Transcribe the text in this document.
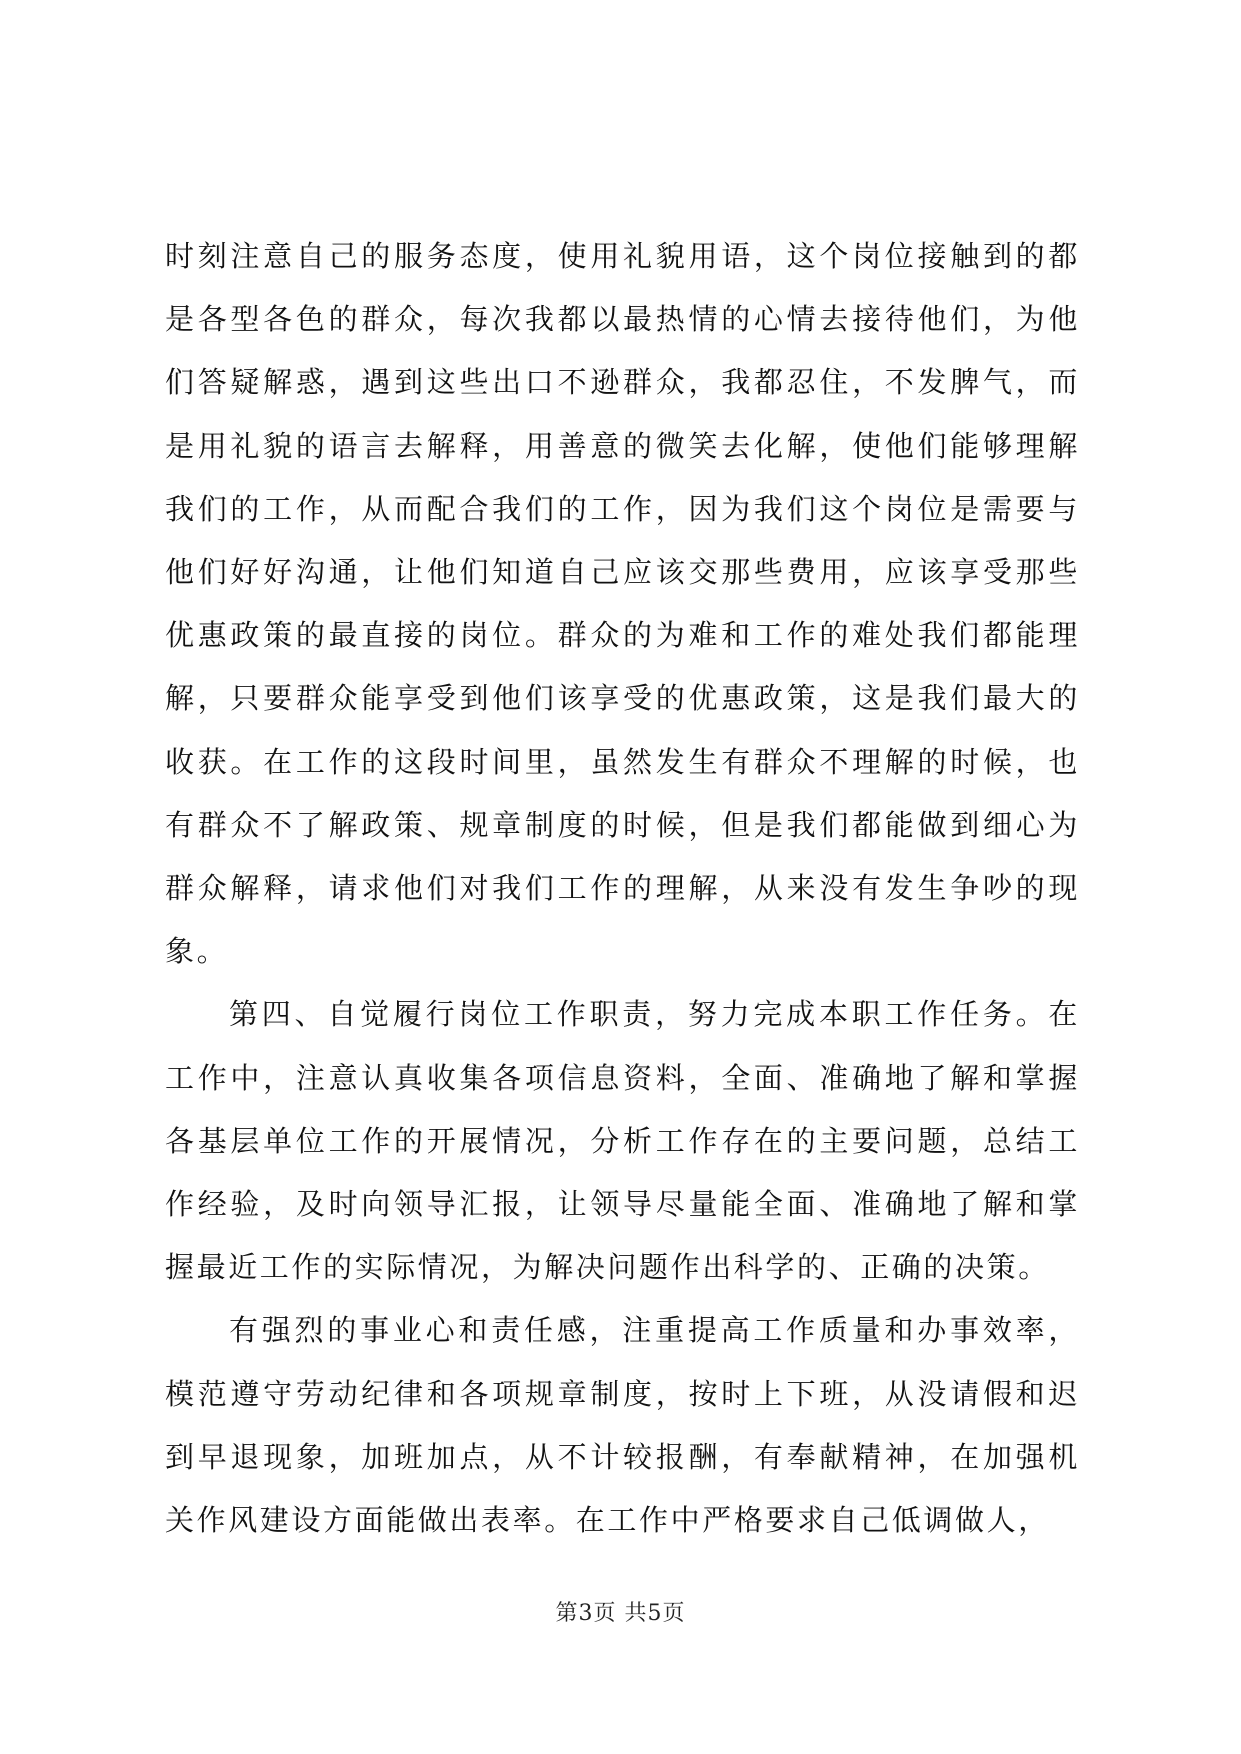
时刻注意自己的服务态度，使用礼貌用语，这个岗位接触到的都是各型各色的群众，每次我都以最热情的心情去接待他们，为他们答疑解惑，遇到这些出口不逊群众，我都忍住，不发脾气，而是用礼貌的语言去解释，用善意的微笑去化解，使他们能够理解我们的工作，从而配合我们的工作，因为我们这个岗位是需要与他们好好沟通，让他们知道自己应该交那些费用，应该享受那些优惠政策的最直接的岗位。群众的为难和工作的难处我们都能理解，只要群众能享受到他们该享受的优惠政策，这是我们最大的收获。在工作的这段时间里，虽然发生有群众不理解的时候，也有群众不了解政策、规章制度的时候，但是我们都能做到细心为群众解释，请求他们对我们工作的理解，从来没有发生争吵的现象。

第四、自觉履行岗位工作职责，努力完成本职工作任务。在工作中，注意认真收集各项信息资料，全面、准确地了解和掌握各基层单位工作的开展情况，分析工作存在的主要问题，总结工作经验，及时向领导汇报，让领导尽量能全面、准确地了解和掌握最近工作的实际情况，为解决问题作出科学的、正确的决策。

有强烈的事业心和责任感，注重提高工作质量和办事效率，模范遵守劳动纪律和各项规章制度，按时上下班，从没请假和迟到早退现象，加班加点，从不计较报酬，有奉献精神，在加强机关作风建设方面能做出表率。在工作中严格要求自己低调做人，

第3页 共5页
